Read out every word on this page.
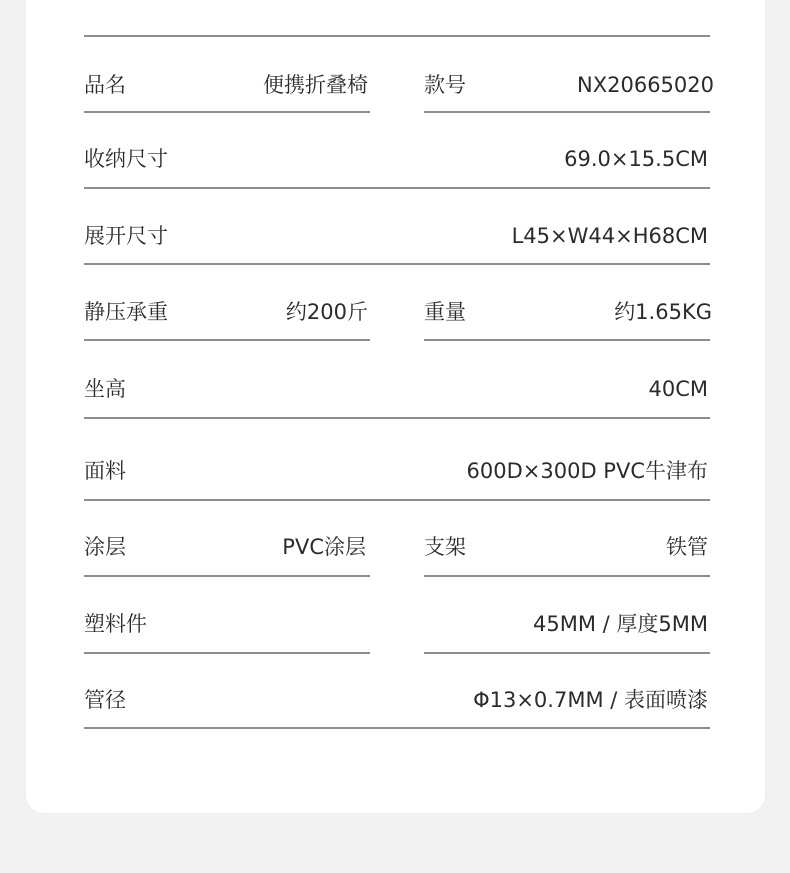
品名	便携折叠椅	款号	NX20665020
收纳尺寸	69.0×15.5CM
展开尺寸	L45×W44×H68CM
静压承重	约200斤	重量	约1.65KG
坐高	40CM
面料	600D×300D PVC牛津布
涂层	PVC涂层	支架	铁管
塑料件	45MM / 厚度5MM
管径	Φ13×0.7MM / 表面喷漆
